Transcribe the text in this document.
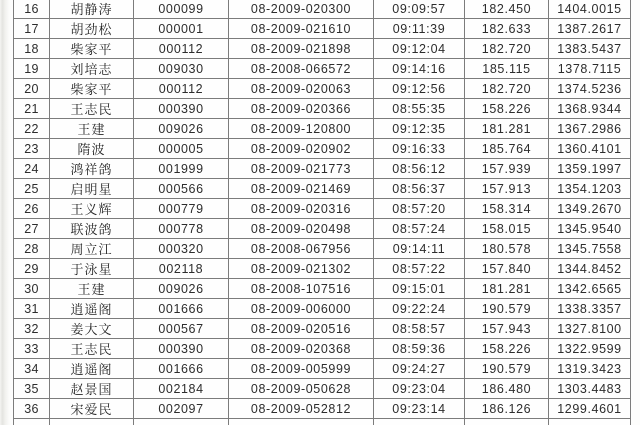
16	胡静涛	000099	08-2009-020300	09:09:57	182.450	1404.0015
17	胡劲松	000001	08-2009-021610	09:11:39	182.633	1387.2617
18	柴家平	000112	08-2009-021898	09:12:04	182.720	1383.5437
19	刘培志	009030	08-2008-066572	09:14:16	185.115	1378.7115
20	柴家平	000112	08-2009-020063	09:12:56	182.720	1374.5236
21	王志民	000390	08-2009-020366	08:55:35	158.226	1368.9344
22	王建	009026	08-2009-120800	09:12:35	181.281	1367.2986
23	隋波	000005	08-2009-020902	09:16:33	185.764	1360.4101
24	鸿祥鸽	001999	08-2009-021773	08:56:12	157.939	1359.1997
25	启明星	000566	08-2009-021469	08:56:37	157.913	1354.1203
26	王义辉	000779	08-2009-020316	08:57:20	158.314	1349.2670
27	联波鸽	000778	08-2009-020498	08:57:24	158.015	1345.9540
28	周立江	000320	08-2008-067956	09:14:11	180.578	1345.7558
29	于泳星	002118	08-2009-021302	08:57:22	157.840	1344.8452
30	王建	009026	08-2008-107516	09:15:01	181.281	1342.6565
31	逍遥阁	001666	08-2009-006000	09:22:24	190.579	1338.3357
32	姜大文	000567	08-2009-020516	08:58:57	157.943	1327.8100
33	王志民	000390	08-2009-020368	08:59:36	158.226	1322.9599
34	逍遥阁	001666	08-2009-005999	09:24:27	190.579	1319.3423
35	赵景国	002184	08-2009-050628	09:23:04	186.480	1303.4483
36	宋爱民	002097	08-2009-052812	09:23:14	186.126	1299.4601
